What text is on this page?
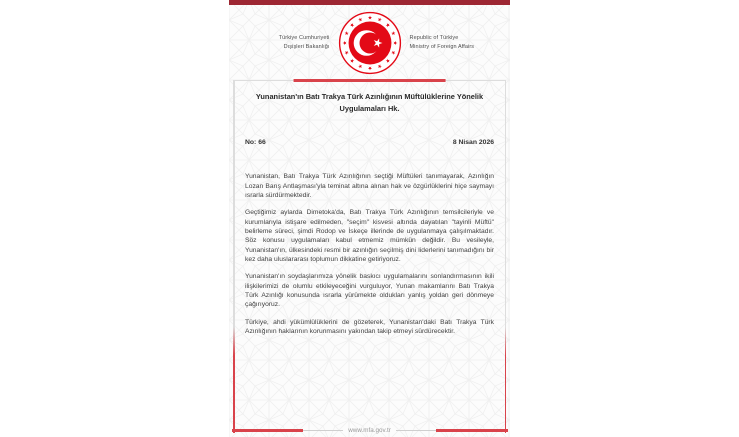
Türkiye Cumhuriyeti
Dışişleri Bakanlığı
Republic of Türkiye
Ministry of Foreign Affairs
Yunanistan'ın Batı Trakya Türk Azınlığının Müftülüklerine Yönelik Uygulamaları Hk.
No: 66	8 Nisan 2026

Yunanistan, Batı Trakya Türk Azınlığının seçtiği Müftüleri tanımayarak, Azınlığın Lozan Barış Antlaşması'yla teminat altına alınan hak ve özgürlüklerini hiçe saymayı ısrarla sürdürmektedir.

Geçtiğimiz aylarda Dimetoka'da, Batı Trakya Türk Azınlığının temsilcileriyle ve kurumlarıyla istişare edilmeden, "seçim" kisvesi altında dayatılan "tayinli Müftü" belirleme süreci, şimdi Rodop ve İskeçe illerinde de uygulanmaya çalışılmaktadır. Söz konusu uygulamaları kabul etmemiz mümkün değildir. Bu vesileyle, Yunanistan'ın, ülkesindeki resmi bir azınlığın seçilmiş dini liderlerini tanımadığını bir kez daha uluslararası toplumun dikkatine getiriyoruz.

Yunanistan'ın soydaşlarımıza yönelik baskıcı uygulamalarını sonlandırmasının ikili ilişkilerimizi de olumlu etkileyeceğini vurguluyor, Yunan makamlarını Batı Trakya Türk Azınlığı konusunda ısrarla yürümekte oldukları yanlış yoldan geri dönmeye çağırıyoruz.

Türkiye, ahdi yükümlülüklerini de gözeterek, Yunanistan'daki Batı Trakya Türk Azınlığının haklarının korunmasını yakından takip etmeyi sürdürecektir.

www.mfa.gov.tr
